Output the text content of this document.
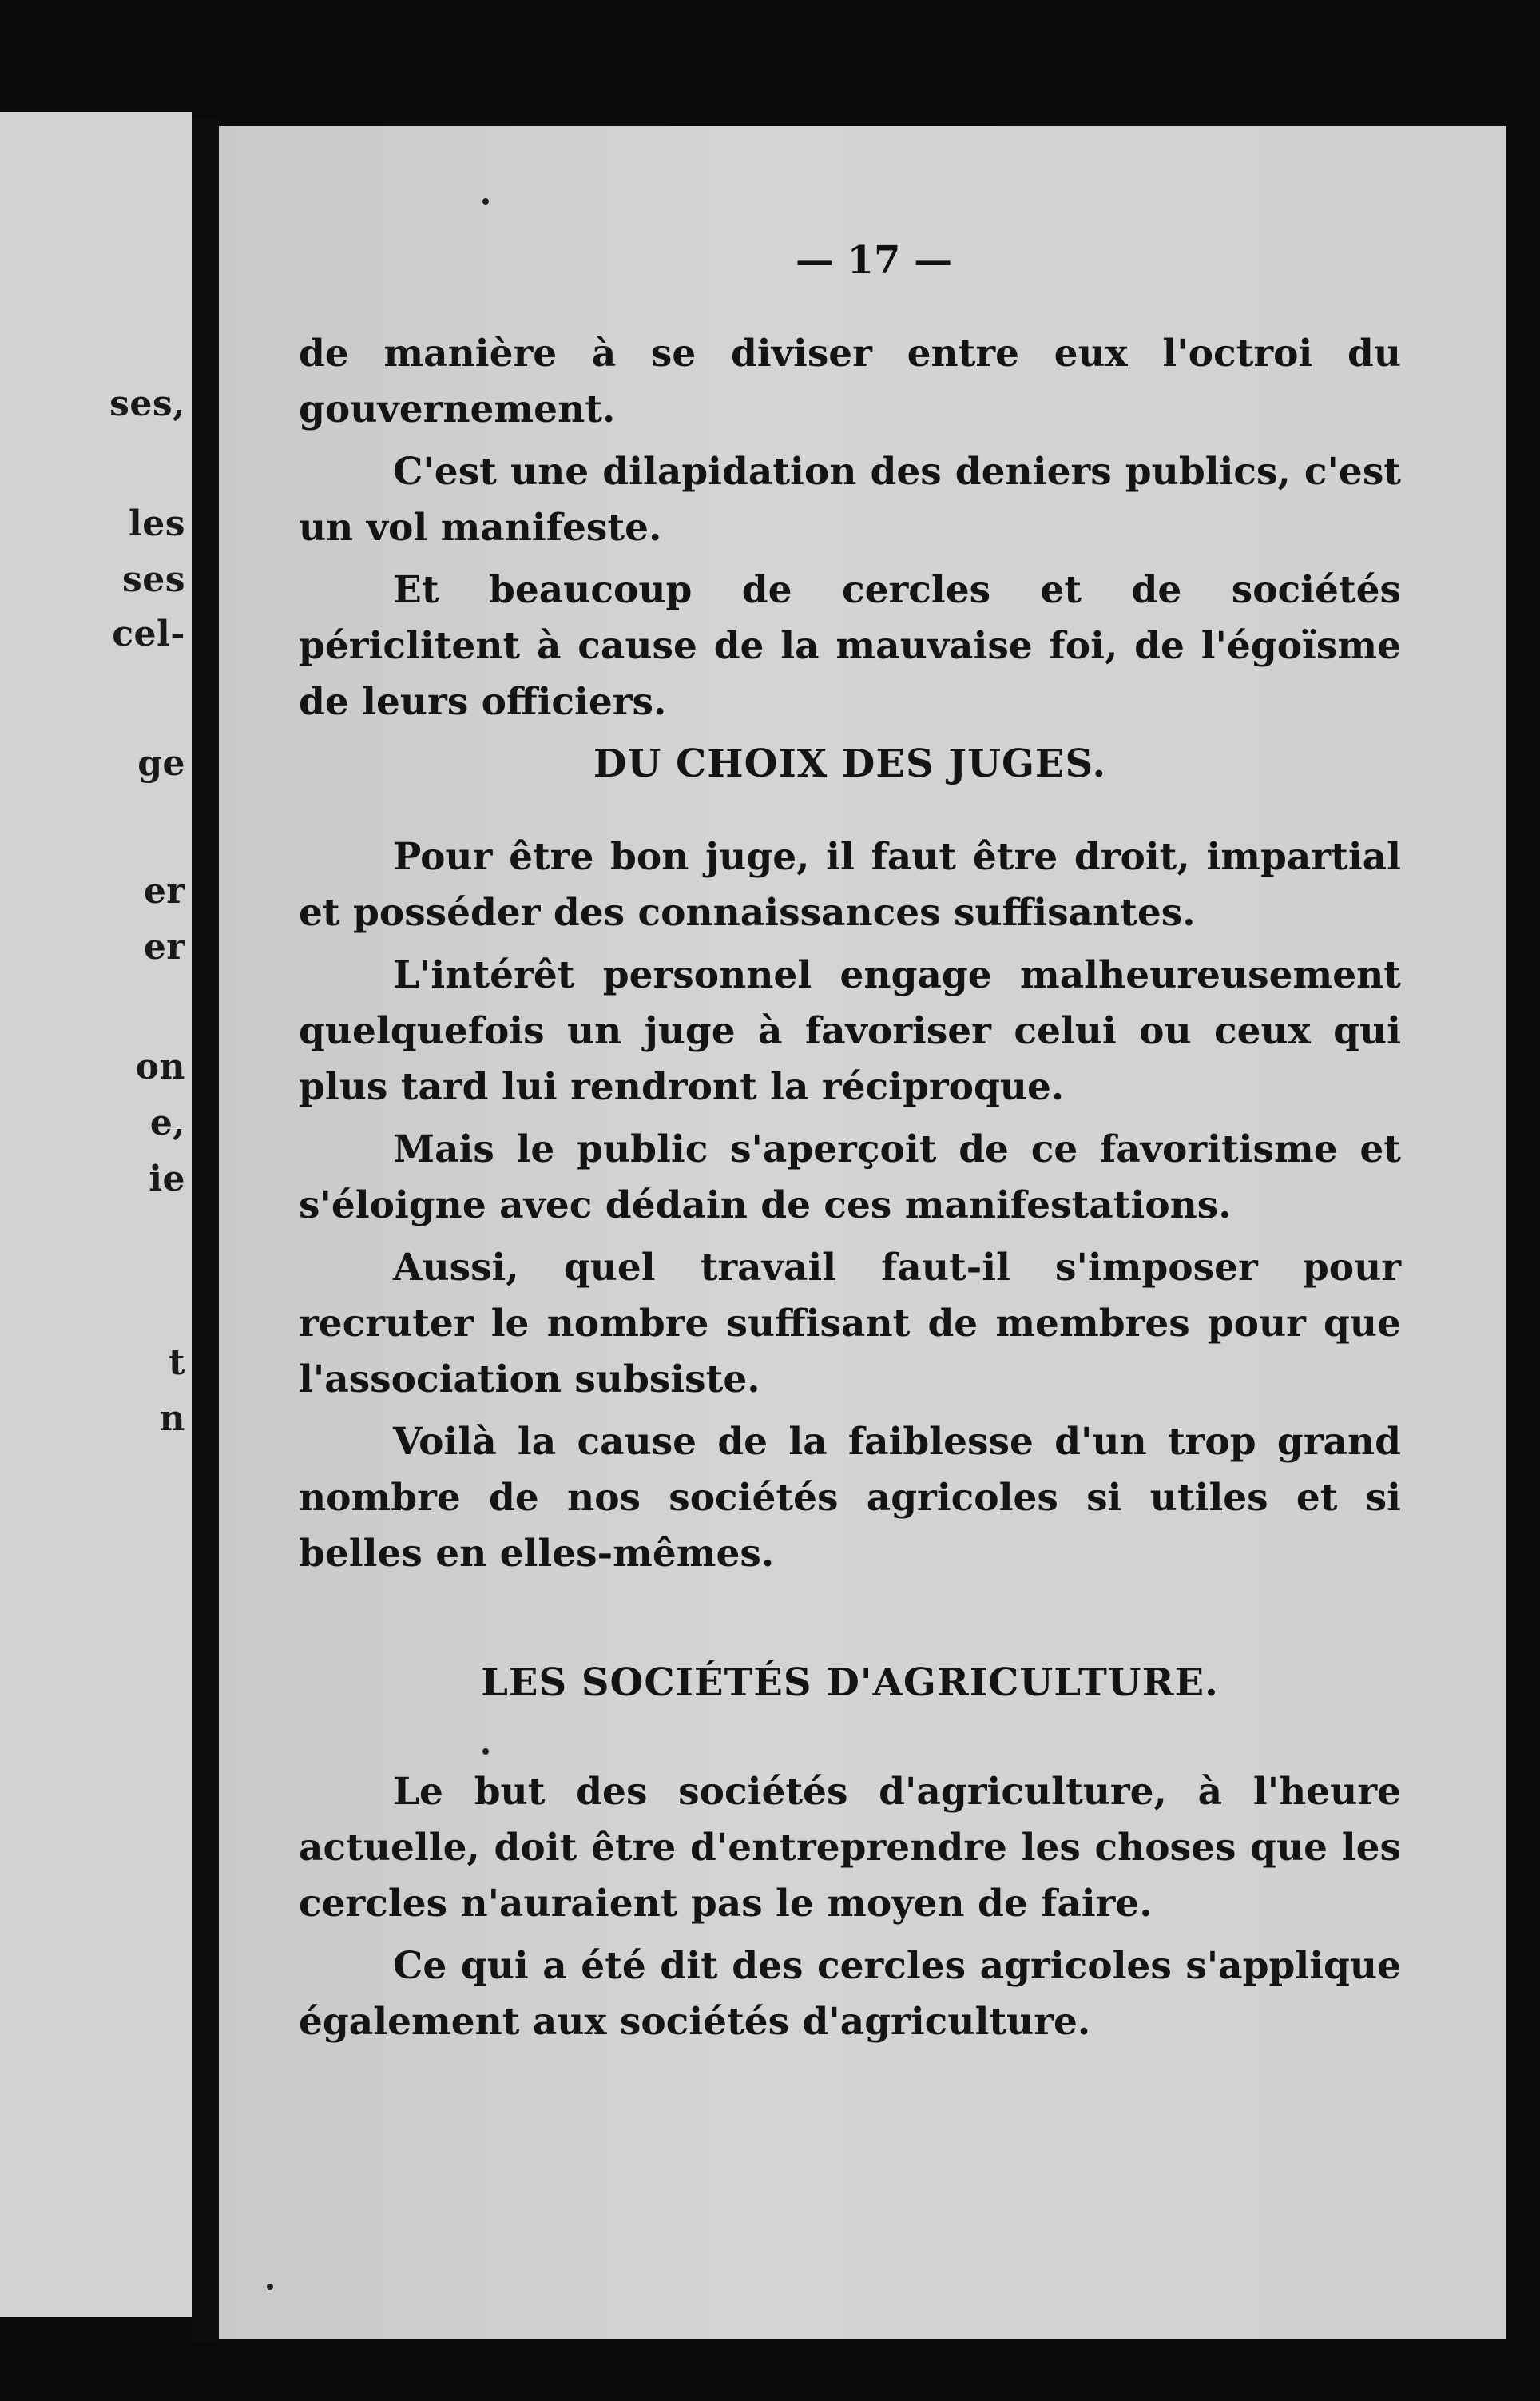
ses,
les
ses
cel-
ge
er
er
on
e,
ie
t
n
— 17 —

de manière à se diviser entre eux l'octroi du gouvernement.

C'est une dilapidation des deniers publics, c'est un vol manifeste.

Et beaucoup de cercles et de sociétés périclitent à cause de la mauvaise foi, de l'égoïsme de leurs officiers.

DU CHOIX DES JUGES.

Pour être bon juge, il faut être droit, impartial et posséder des connaissances suffisantes.

L'intérêt personnel engage malheureusement quelquefois un juge à favoriser celui ou ceux qui plus tard lui rendront la réciproque.

Mais le public s'aperçoit de ce favoritisme et s'éloigne avec dédain de ces manifestations.

Aussi, quel travail faut-il s'imposer pour recruter le nombre suffisant de membres pour que l'association subsiste.

Voilà la cause de la faiblesse d'un trop grand nombre de nos sociétés agricoles si utiles et si belles en elles-mêmes.

LES SOCIÉTÉS D'AGRICULTURE.

Le but des sociétés d'agriculture, à l'heure actuelle, doit être d'entreprendre les choses que les cercles n'auraient pas le moyen de faire.

Ce qui a été dit des cercles agricoles s'applique également aux sociétés d'agriculture.
